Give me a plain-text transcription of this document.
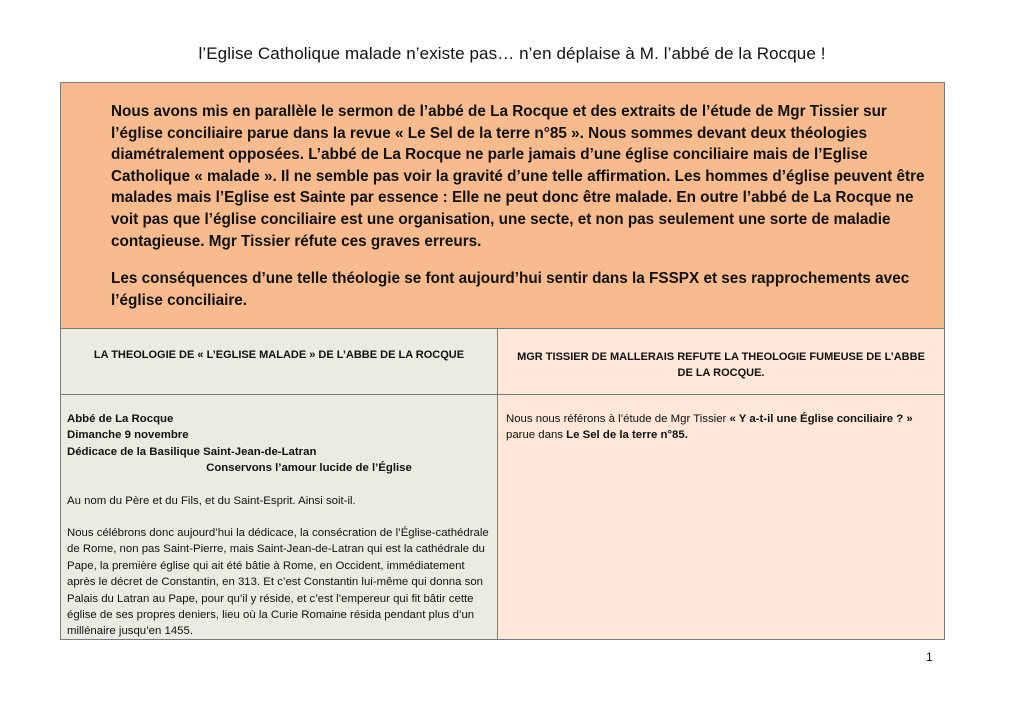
l’Eglise Catholique malade n’existe pas… n’en déplaise à M. l’abbé de la Rocque !

Nous avons mis en parallèle le sermon de l’abbé de La Rocque et des extraits de l’étude de Mgr Tissier sur l’église conciliaire parue dans la revue « Le Sel de la terre n°85 ». Nous sommes devant deux théologies diamétralement opposées. L’abbé de La Rocque ne parle jamais d’une église conciliaire mais de l’Eglise Catholique « malade ». Il ne semble pas voir la gravité d’une telle affirmation. Les hommes d’église peuvent être malades mais l’Eglise est Sainte par essence : Elle ne peut donc être malade. En outre l’abbé de La Rocque ne voit pas que l’église conciliaire est une organisation, une secte, et non pas seulement une sorte de maladie contagieuse. Mgr Tissier réfute ces graves erreurs.

Les conséquences d’une telle théologie se font aujourd’hui sentir dans la FSSPX et ses rapprochements avec l’église conciliaire.

LA THEOLOGIE DE « L’EGLISE MALADE » DE L’ABBE DE LA ROCQUE	MGR TISSIER DE MALLERAIS REFUTE LA THEOLOGIE FUMEUSE DE L’ABBE DE LA ROCQUE.

Abbé de La Rocque

Dimanche 9 novembre

Dédicace de la Basilique Saint-Jean-de-Latran

Conservons l’amour lucide de l’Église

Au nom du Père et du Fils, et du Saint-Esprit. Ainsi soit-il.

Nous célébrons donc aujourd’hui la dédicace, la consécration de l’Église-cathédrale de Rome, non pas Saint-Pierre, mais Saint-Jean-de-Latran qui est la cathédrale du Pape, la première église qui ait été bâtie à Rome, en Occident, immédiatement après le décret de Constantin, en 313. Et c’est Constantin lui-même qui donna son Palais du Latran au Pape, pour qu’il y réside, et c’est l’empereur qui fit bâtir cette église de ses propres deniers, lieu où la Curie Romaine résida pendant plus d’un millénaire jusqu’en 1455.

Nous nous référons à l’étude de Mgr Tissier « Y a-t-il une Église conciliaire ? » parue dans Le Sel de la terre n°85.

1
